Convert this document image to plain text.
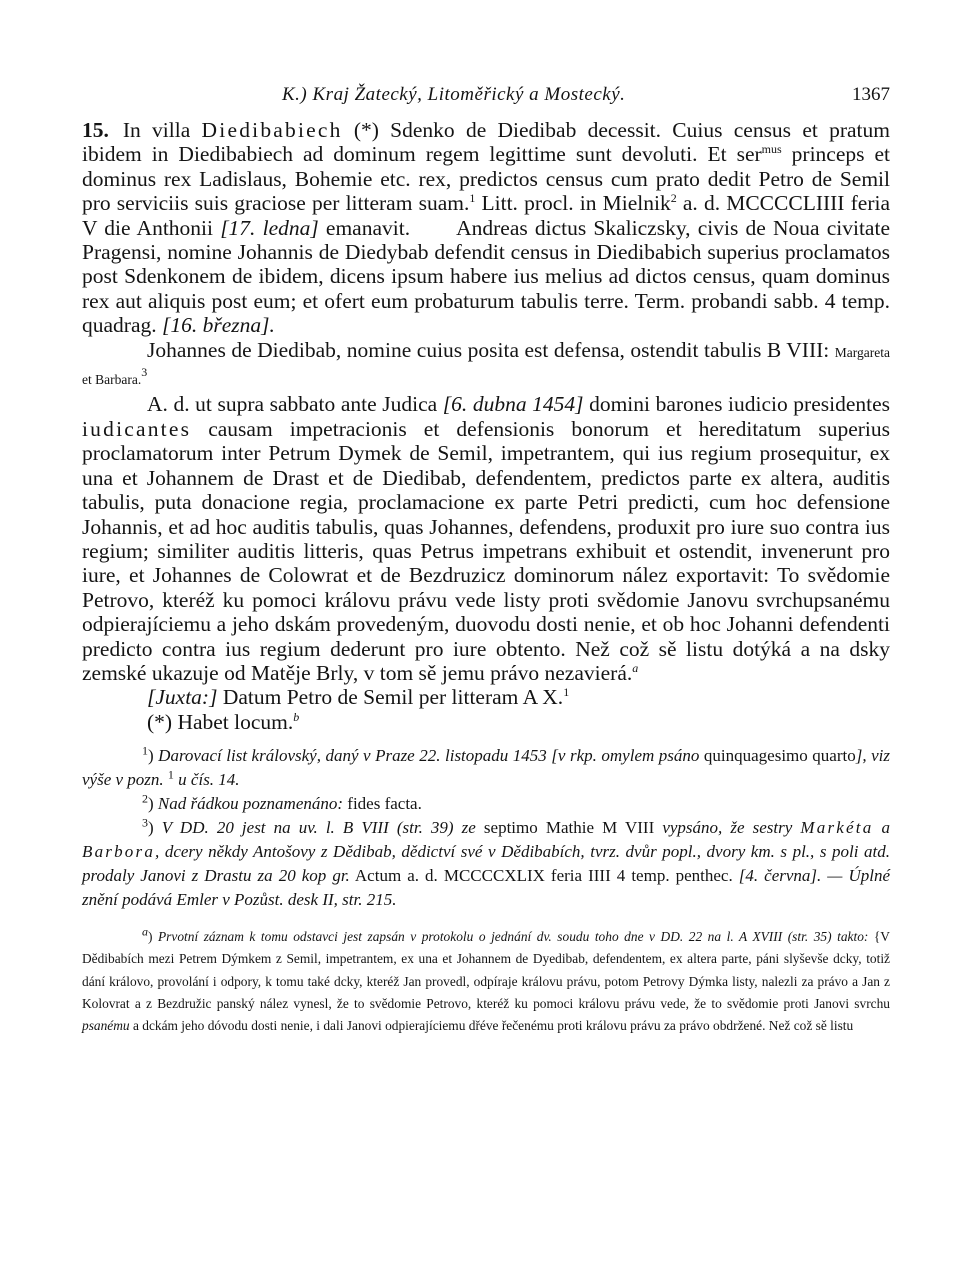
K.) Kraj Žatecký, Litoměřický a Mostecký.	1367

15. In villa Diedibabiech (*) Sdenko de Diedibab decessit. Cuius census et pratum ibidem in Diedibabiech ad dominum regem legittime sunt devoluti. Et ser$^{mus}$ princeps et dominus rex Ladislaus, Bohemie etc. rex, predictos census cum prato dedit Petro de Semil pro serviciis suis graciose per litteram suam.$^1$ Litt. procl. in Mielnik$^2$ a. d. MCCCCLIIII feria V die Anthonii [17. ledna] emanavit. Andreas dictus Skaliczsky, civis de Noua civitate Pragensi, nomine Johannis de Diedybab defendit census in Diedibabich superius proclamatos post Sdenkonem de ibidem, dicens ipsum habere ius melius ad dictos census, quam dominus rex aut aliquis post eum; et ofert eum probaturum tabulis terre. Term. probandi sabb. 4 temp. quadrag. [16. března].

Johannes de Diedibab, nomine cuius posita est defensa, ostendit tabulis B VIII: Margareta et Barbara.$^3$

A. d. ut supra sabbato ante Judica [6. dubna 1454] domini barones iudicio presidentes iudicantes causam impetracionis et defensionis bonorum et hereditatum superius proclamatorum inter Petrum Dymek de Semil, impetrantem, qui ius regium prosequitur, ex una et Johannem de Drast et de Diedibab, defendentem, predictos parte ex altera, auditis tabulis, puta donacione regia, proclamacione ex parte Petri predicti, cum hoc defensione Johannis, et ad hoc auditis tabulis, quas Johannes, defendens, produxit pro iure suo contra ius regium; similiter auditis litteris, quas Petrus impetrans exhibuit et ostendit, invenerunt pro iure, et Johannes de Colowrat et de Bezdruzicz dominorum nález exportavit: To svědomie Petrovo, kteréž ku pomoci královu právu vede listy proti svědomie Janovu svrchupsanému odpierajíciemu a jeho dskám provedeným, duovodu dosti nenie, et ob hoc Johanni defendenti predicto contra ius regium dederunt pro iure obtento. Než což sě listu dotýká a na dsky zemské ukazuje od Matěje Brly, v tom sě jemu právo nezavierá.$^a$

[Juxta:] Datum Petro de Semil per litteram A X.$^1$

(*) Habet locum.$^b$

$^1$) Darovací list královský, daný v Praze 22. listopadu 1453 [v rkp. omylem psáno quinquagesimo quarto], viz výše v pozn. $^1$ u čís. 14.

$^2$) Nad řádkou poznamenáno: fides facta.

$^3$) V DD. 20 jest na uv. l. B VIII (str. 39) ze septimo Mathie M VIII vypsáno, že sestry Markéta a Barbora, dcery někdy Antošovy z Dědibab, dědictví své v Dědibabích, tvrz. dvůr popl., dvory km. s pl., s poli atd. prodaly Janovi z Drastu za 20 kop gr. Actum a. d. MCCCCXLIX feria IIII 4 temp. penthec. [4. června]. — Úplné znění podává Emler v Pozůst. desk II, str. 215.

$^a$) Prvotní záznam k tomu odstavci jest zapsán v protokolu o jednání dv. soudu toho dne v DD. 22 na l. A XVIII (str. 35) takto: {V Dědibabích mezi Petrem Dýmkem z Semil, impetrantem, ex una et Johannem de Dyedibab, defendentem, ex altera parte, páni slyševše dcky, totiž dání královo, provolání i odpory, k tomu také dcky, kteréž Jan provedl, odpíraje královu právu, potom Petrovy Dýmka listy, nalezli za právo a Jan z Kolovrat a z Bezdružic panský nález vynesl, že to svědomie Petrovo, kteréž ku pomoci královu právu vede, že to svědomie proti Janovi svrchu psanému a dckám jeho dóvodu dosti nenie, i dali Janovi odpierajíciemu dřéve řečenému proti královu právu za právo obdržené. Než což sě listu
